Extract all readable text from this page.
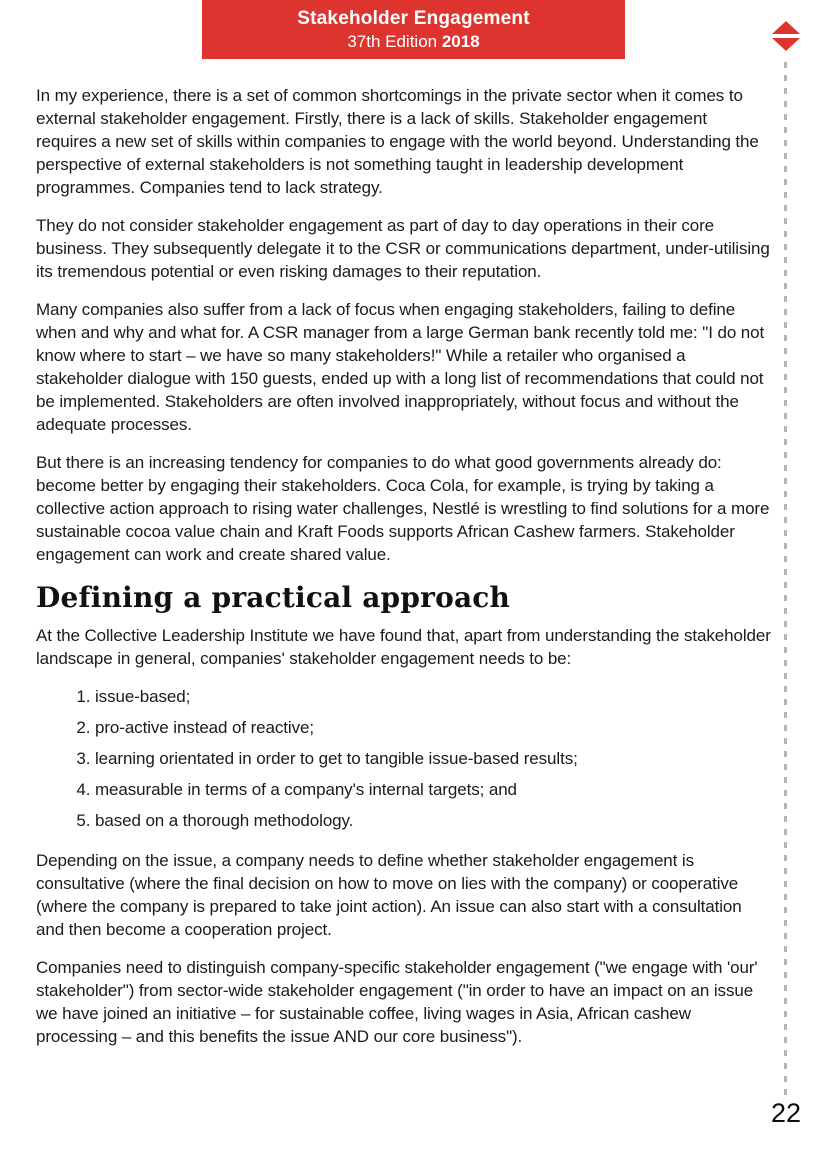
Stakeholder Engagement
37th Edition 2018

In my experience, there is a set of common shortcomings in the private sector when it comes to external stakeholder engagement. Firstly, there is a lack of skills. Stakeholder engagement requires a new set of skills within companies to engage with the world beyond. Understanding the perspective of external stakeholders is not something taught in leadership development programmes. Companies tend to lack strategy.

They do not consider stakeholder engagement as part of day to day operations in their core business. They subsequently delegate it to the CSR or communications department, under-utilising its tremendous potential or even risking damages to their reputation.

Many companies also suffer from a lack of focus when engaging stakeholders, failing to define when and why and what for. A CSR manager from a large German bank recently told me: "I do not know where to start – we have so many stakeholders!" While a retailer who organised a stakeholder dialogue with 150 guests, ended up with a long list of recommendations that could not be implemented. Stakeholders are often involved inappropriately, without focus and without the adequate processes.

But there is an increasing tendency for companies to do what good governments already do: become better by engaging their stakeholders. Coca Cola, for example, is trying by taking a collective action approach to rising water challenges, Nestlé is wrestling to find solutions for a more sustainable cocoa value chain and Kraft Foods supports African Cashew farmers. Stakeholder engagement can work and create shared value.

Defining a practical approach

At the Collective Leadership Institute we have found that, apart from understanding the stakeholder landscape in general, companies' stakeholder engagement needs to be:

1. issue-based;
2. pro-active instead of reactive;
3. learning orientated in order to get to tangible issue-based results;
4. measurable in terms of a company's internal targets; and
5. based on a thorough methodology.

Depending on the issue, a company needs to define whether stakeholder engagement is consultative (where the final decision on how to move on lies with the company) or cooperative (where the company is prepared to take joint action). An issue can also start with a consultation and then become a cooperation project.

Companies need to distinguish company-specific stakeholder engagement ("we engage with 'our' stakeholder") from sector-wide stakeholder engagement ("in order to have an impact on an issue we have joined an initiative – for sustainable coffee, living wages in Asia, African cashew processing – and this benefits the issue AND our core business").

22
